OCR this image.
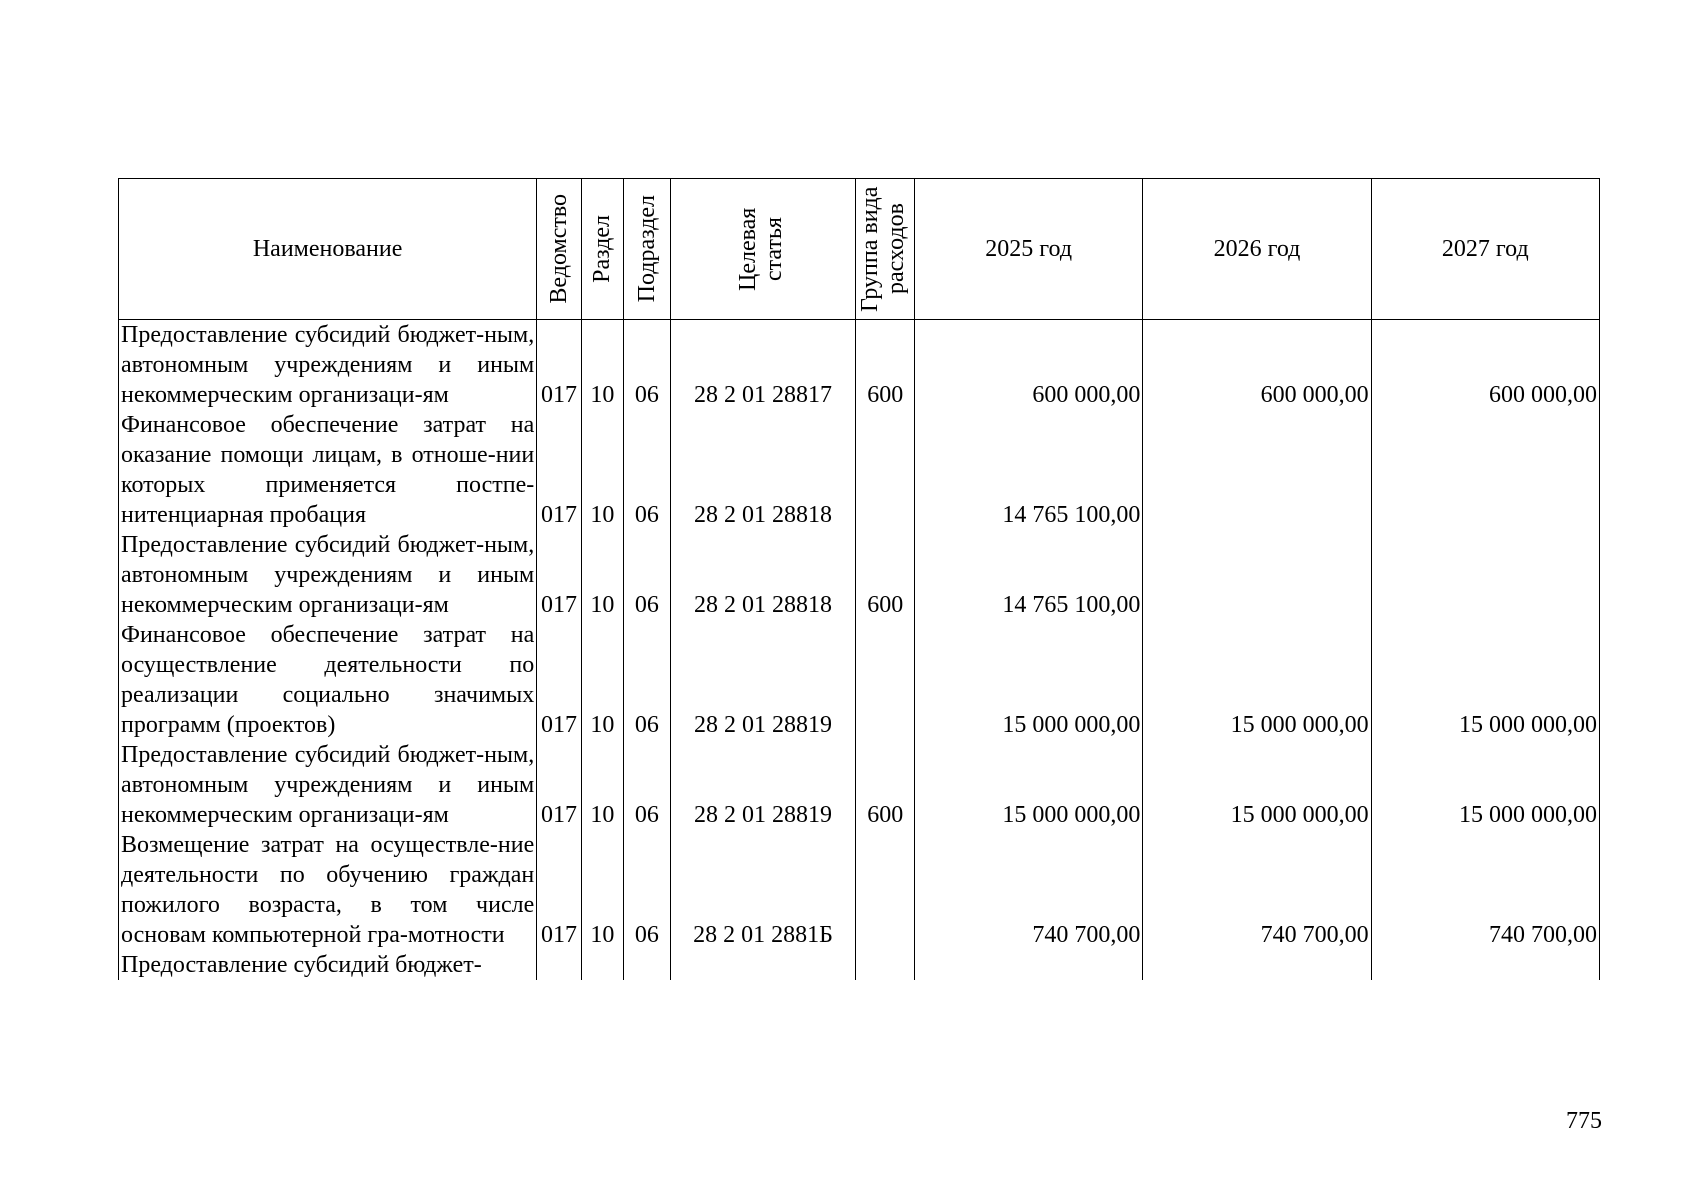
Наименование	Ведомство	Раздел	Подраздел	Целевая статья	Группа вида расходов	2025 год	2026 год	2027 год
Предоставление субсидий бюджет-ным, автономным учреждениям и иным некоммерческим организаци-ям	017	10	06	28 2 01 28817	600	600 000,00	600 000,00	600 000,00
Финансовое обеспечение затрат на оказание помощи лицам, в отноше-нии которых применяется постпе-нитенциарная пробация	017	10	06	28 2 01 28818		14 765 100,00		
Предоставление субсидий бюджет-ным, автономным учреждениям и иным некоммерческим организаци-ям	017	10	06	28 2 01 28818	600	14 765 100,00		
Финансовое обеспечение затрат на осуществление деятельности по реализации социально значимых программ (проектов)	017	10	06	28 2 01 28819		15 000 000,00	15 000 000,00	15 000 000,00
Предоставление субсидий бюджет-ным, автономным учреждениям и иным некоммерческим организаци-ям	017	10	06	28 2 01 28819	600	15 000 000,00	15 000 000,00	15 000 000,00
Возмещение затрат на осуществле-ние деятельности по обучению граждан пожилого возраста, в том числе основам компьютерной гра-мотности	017	10	06	28 2 01 2881Б		740 700,00	740 700,00	740 700,00
Предоставление субсидий бюджет-								
775
